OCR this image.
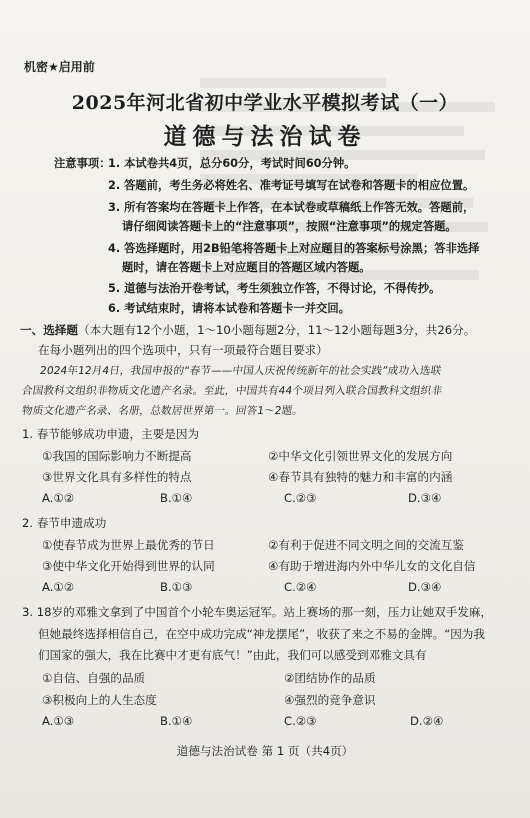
机密★启用前
2025年河北省初中学业水平模拟考试（一）
道德与法治试卷
注意事项：
1. 本试卷共4页，总分60分，考试时间60分钟。
2. 答题前，考生务必将姓名、准考证号填写在试卷和答题卡的相应位置。
3. 所有答案均在答题卡上作答，在本试卷或草稿纸上作答无效。答题前，
请仔细阅读答题卡上的“注意事项”，按照“注意事项”的规定答题。
4. 答选择题时，用2B铅笔将答题卡上对应题目的答案标号涂黑；答非选择
题时，请在答题卡上对应题目的答题区域内答题。
5. 道德与法治开卷考试，考生须独立作答，不得讨论，不得传抄。
6. 考试结束时，请将本试卷和答题卡一并交回。
一、选择题（本大题有12个小题，1～10小题每题2分，11～12小题每题3分，共26分。
在每小题列出的四个选项中，只有一项最符合题目要求）
2024年12月4日，我国申报的“春节——中国人庆祝传统新年的社会实践”成功入选联
合国教科文组织非物质文化遗产名录。至此，中国共有44个项目列入联合国教科文组织非
物质文化遗产名录、名册，总数居世界第一。回答1～2题。
1. 春节能够成功申遗，主要是因为
①我国的国际影响力不断提高	②中华文化引领世界文化的发展方向
③世界文化具有多样性的特点	④春节具有独特的魅力和丰富的内涵
A.①②	B.①④	C.②③	D.③④
2. 春节申遗成功
①使春节成为世界上最优秀的节日	②有利于促进不同文明之间的交流互鉴
③使中华文化开始得到世界的认同	④有助于增进海内外中华儿女的文化自信
A.①②	B.①③	C.②④	D.③④
3. 18岁的邓雅文拿到了中国首个小轮车奥运冠军。站上赛场的那一刻，压力让她双手发麻，
但她最终选择相信自己，在空中成功完成“神龙摆尾”，收获了来之不易的金牌。“因为我
们国家的强大，我在比赛中才更有底气！”由此，我们可以感受到邓雅文具有
①自信、自强的品质	②团结协作的品质
③积极向上的人生态度	④强烈的竞争意识
A.①③	B.①④	C.②③	D.②④
道德与法治试卷 第 1 页（共4页）
